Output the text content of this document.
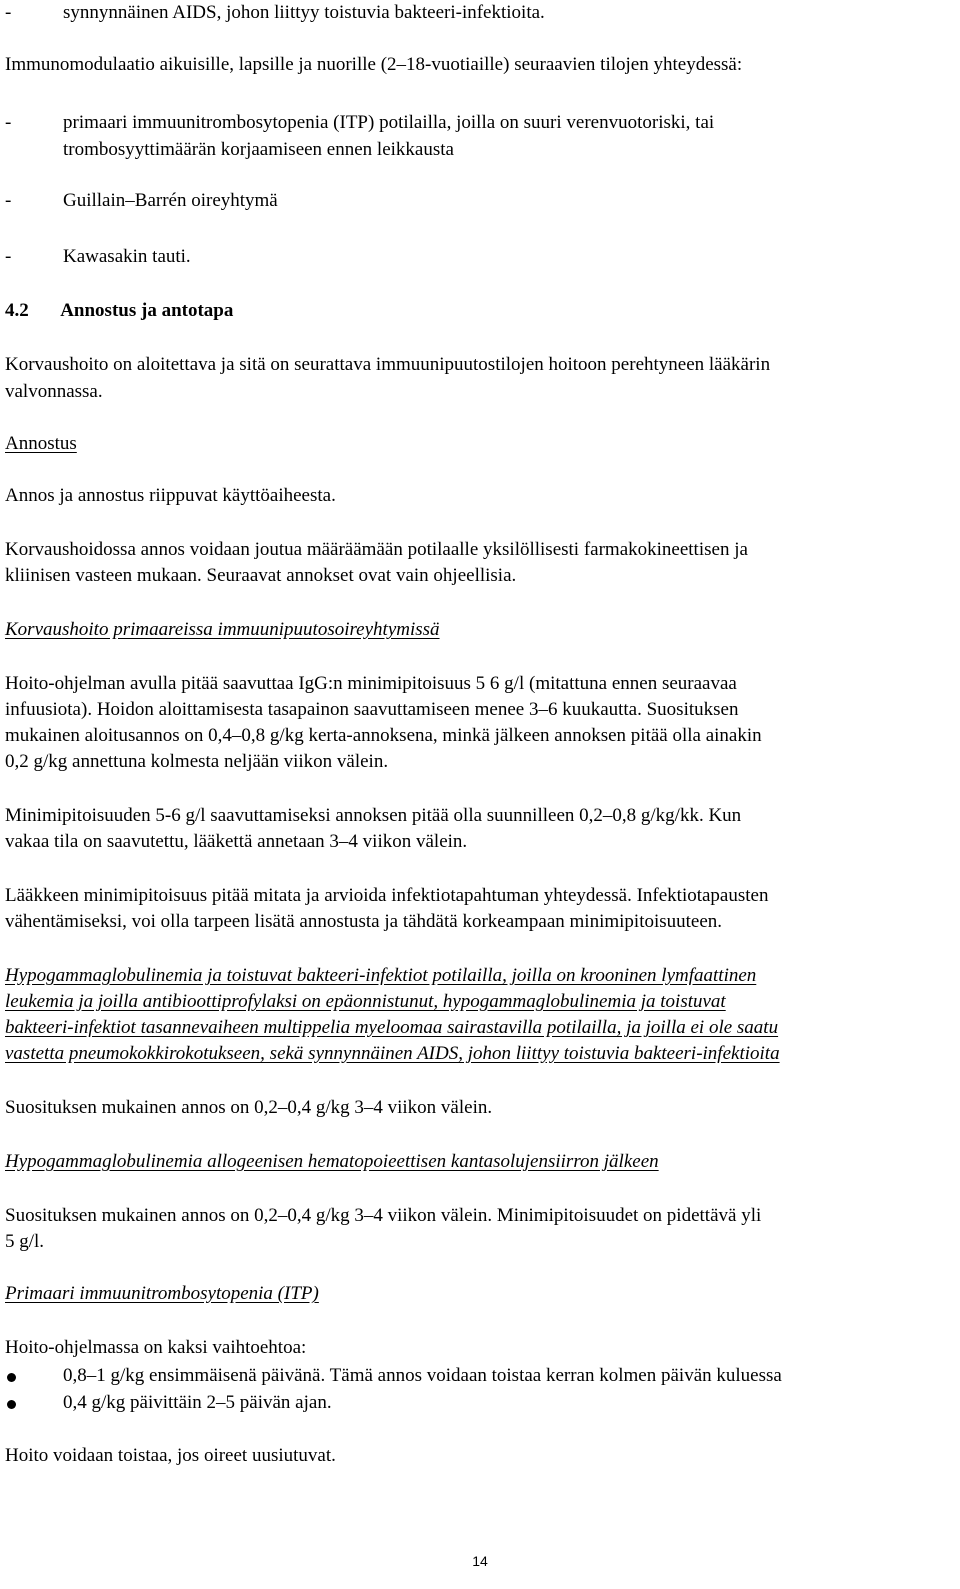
-	synnynnäinen AIDS, johon liittyy toistuvia bakteeri-infektioita.
Immunomodulaatio aikuisille, lapsille ja nuorille (2–18-vuotiaille) seuraavien tilojen yhteydessä:
-	primaari immuunitrombosytopenia (ITP) potilailla, joilla on suuri verenvuotoriski, tai
trombosyyttimäärän korjaamiseen ennen leikkausta
-	Guillain–Barrén oireyhtymä
-	Kawasakin tauti.
4.2 Annostus ja antotapa
Korvaushoito on aloitettava ja sitä on seurattava immuunipuutostilojen hoitoon perehtyneen lääkärin
valvonnassa.
Annostus
Annos ja annostus riippuvat käyttöaiheesta.
Korvaushoidossa annos voidaan joutua määräämään potilaalle yksilöllisesti farmakokineettisen ja
kliinisen vasteen mukaan. Seuraavat annokset ovat vain ohjeellisia.
Korvaushoito primaareissa immuunipuutosoireyhtymissä
Hoito-ohjelman avulla pitää saavuttaa IgG:n minimipitoisuus 5 6 g/l (mitattuna ennen seuraavaa
infuusiota). Hoidon aloittamisesta tasapainon saavuttamiseen menee 3–6 kuukautta. Suosituksen
mukainen aloitusannos on 0,4–0,8 g/kg kerta-annoksena, minkä jälkeen annoksen pitää olla ainakin
0,2 g/kg annettuna kolmesta neljään viikon välein.
Minimipitoisuuden 5-6 g/l saavuttamiseksi annoksen pitää olla suunnilleen 0,2–0,8 g/kg/kk. Kun
vakaa tila on saavutettu, lääkettä annetaan 3–4 viikon välein.
Lääkkeen minimipitoisuus pitää mitata ja arvioida infektiotapahtuman yhteydessä. Infektiotapausten
vähentämiseksi, voi olla tarpeen lisätä annostusta ja tähdätä korkeampaan minimipitoisuuteen.
Hypogammaglobulinemia ja toistuvat bakteeri-infektiot potilailla, joilla on krooninen lymfaattinen
leukemia ja joilla antibioottiprofylaksi on epäonnistunut, hypogammaglobulinemia ja toistuvat
bakteeri-infektiot tasannevaiheen multippelia myeloomaa sairastavilla potilailla, ja joilla ei ole saatu
vastetta pneumokokkirokotukseen, sekä synnynnäinen AIDS, johon liittyy toistuvia bakteeri-infektioita
Suosituksen mukainen annos on 0,2–0,4 g/kg 3–4 viikon välein.
Hypogammaglobulinemia allogeenisen hematopoieettisen kantasolujensiirron jälkeen
Suosituksen mukainen annos on 0,2–0,4 g/kg 3–4 viikon välein. Minimipitoisuudet on pidettävä yli
5 g/l.
Primaari immuunitrombosytopenia (ITP)
Hoito-ohjelmassa on kaksi vaihtoehtoa:
0,8–1 g/kg ensimmäisenä päivänä. Tämä annos voidaan toistaa kerran kolmen päivän kuluessa
0,4 g/kg päivittäin 2–5 päivän ajan.
Hoito voidaan toistaa, jos oireet uusiutuvat.
14
